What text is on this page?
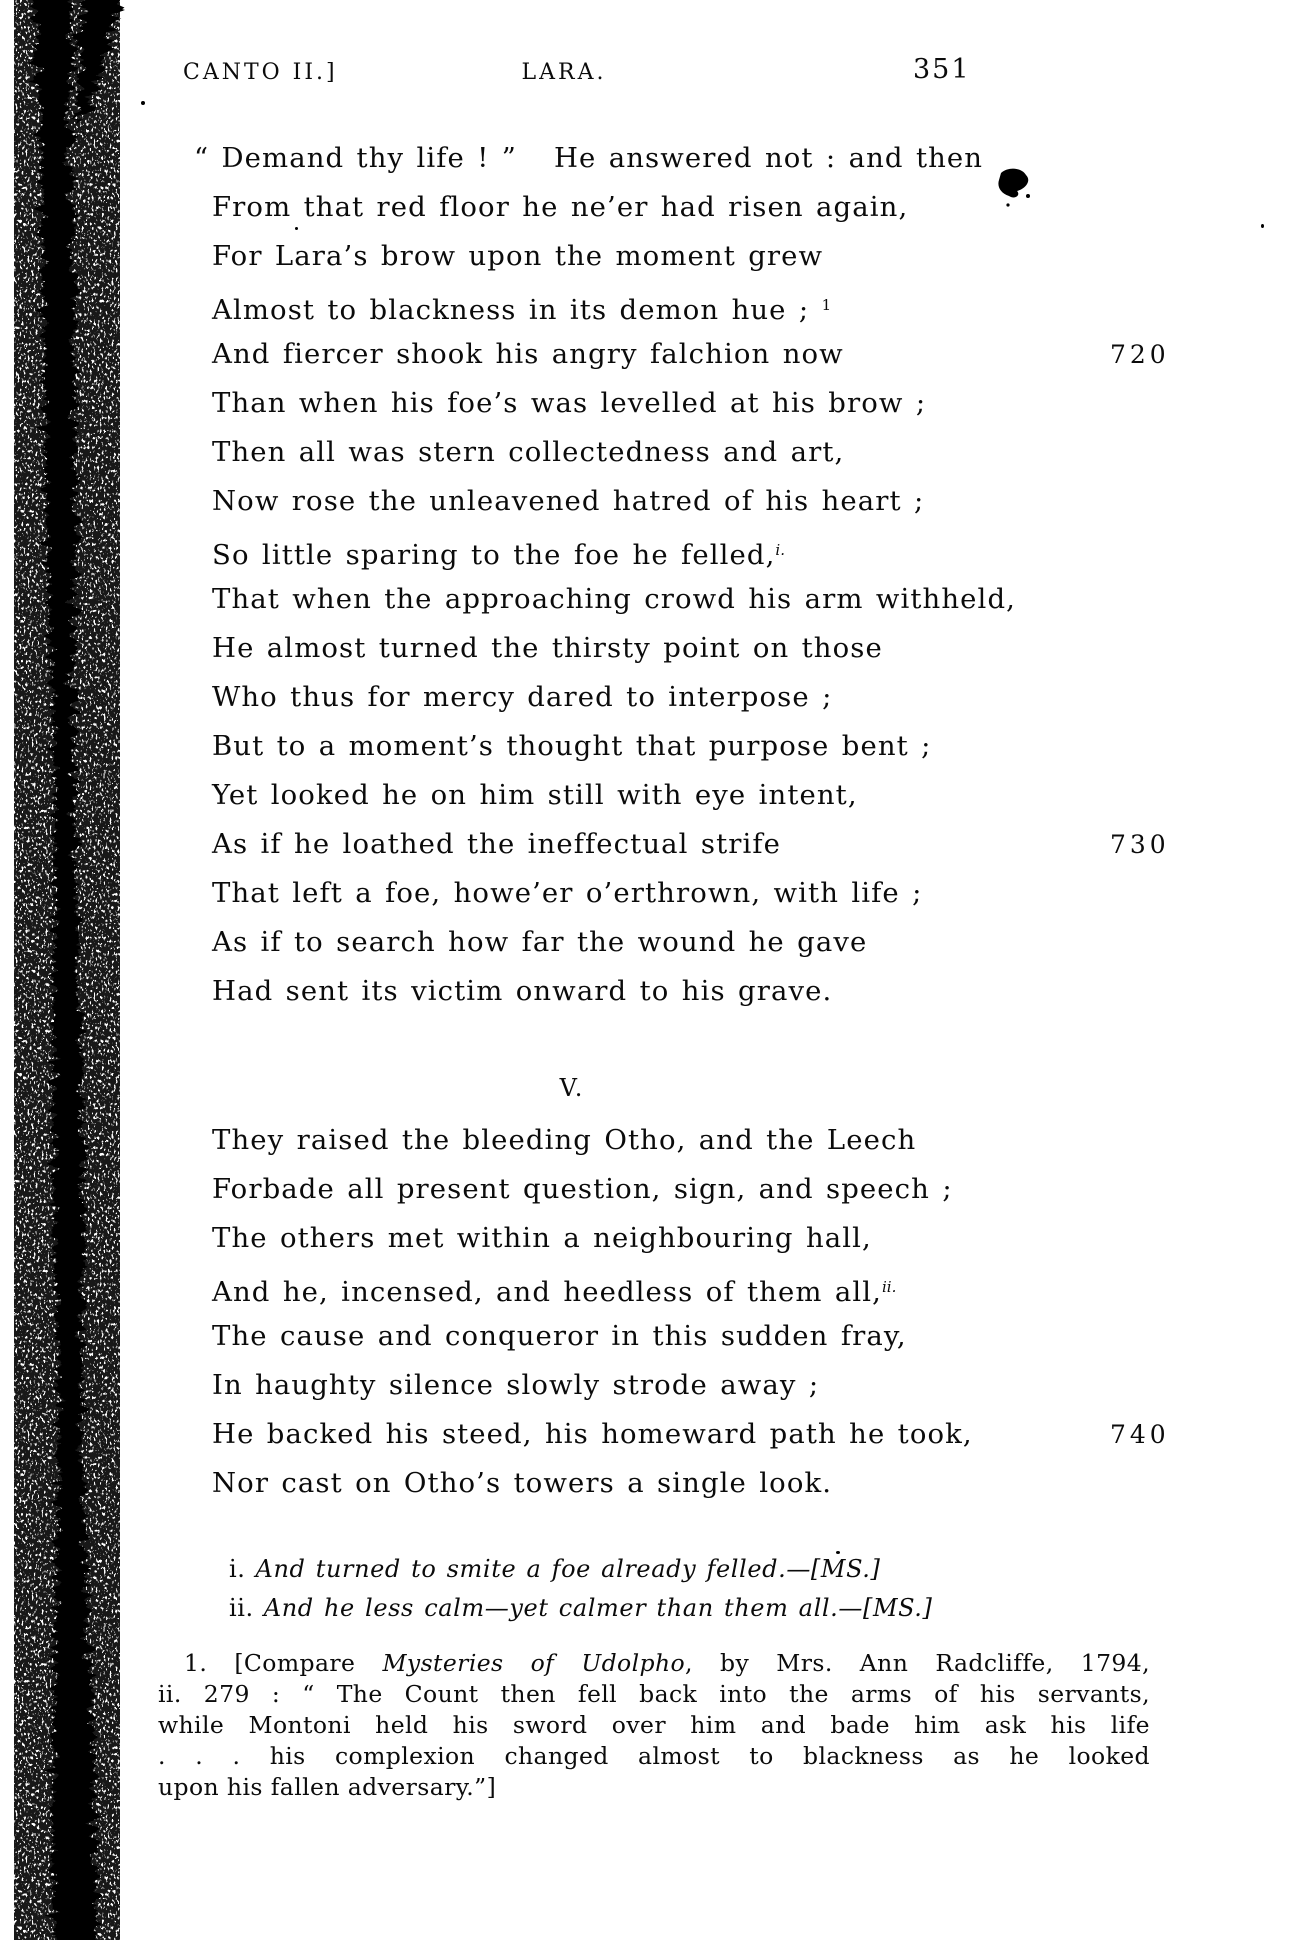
CANTO II.]	LARA.	351
“ Demand thy life ! ”   He answered not : and then
From that red floor he ne’er had risen again,
For Lara’s brow upon the moment grew
Almost to blackness in its demon hue ; $^1$
And fiercer shook his angry falchion now	720
Than when his foe’s was levelled at his brow ;
Then all was stern collectedness and art,
Now rose the unleavened hatred of his heart ;
So little sparing to the foe he felled,$^{i.}$
That when the approaching crowd his arm withheld,
He almost turned the thirsty point on those
Who thus for mercy dared to interpose ;
But to a moment’s thought that purpose bent ;
Yet looked he on him still with eye intent,
As if he loathed the ineffectual strife	730
That left a foe, howe’er o’erthrown, with life ;
As if to search how far the wound he gave
Had sent its victim onward to his grave.
V.
They raised the bleeding Otho, and the Leech
Forbade all present question, sign, and speech ;
The others met within a neighbouring hall,
And he, incensed, and heedless of them all,$^{ii.}$
The cause and conqueror in this sudden fray,
In haughty silence slowly strode away ;
He backed his steed, his homeward path he took,	740
Nor cast on Otho’s towers a single look.
i. And turned to smite a foe already felled.—[MS.]
ii. And he less calm—yet calmer than them all.—[MS.]
1. [Compare Mysteries of Udolpho, by Mrs. Ann Radcliffe, 1794,
ii. 279 : “ The Count then fell back into the arms of his servants,
while Montoni held his sword over him and bade him ask his life
. . . his complexion changed almost to blackness as he looked
upon his fallen adversary.”]
